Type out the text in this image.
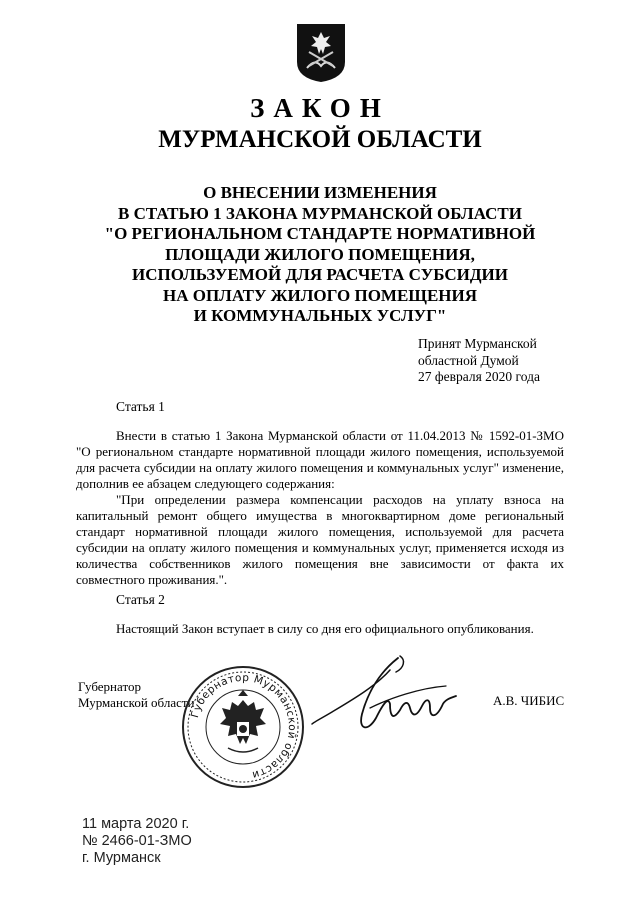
ЗАКОН
МУРМАНСКОЙ ОБЛАСТИ
О ВНЕСЕНИИ ИЗМЕНЕНИЯ
В СТАТЬЮ 1 ЗАКОНА МУРМАНСКОЙ ОБЛАСТИ
"О РЕГИОНАЛЬНОМ СТАНДАРТЕ НОРМАТИВНОЙ
ПЛОЩАДИ ЖИЛОГО ПОМЕЩЕНИЯ,
ИСПОЛЬЗУЕМОЙ ДЛЯ РАСЧЕТА СУБСИДИИ
НА ОПЛАТУ ЖИЛОГО ПОМЕЩЕНИЯ
И КОММУНАЛЬНЫХ УСЛУГ"
Принят Мурманской
областной Думой
27 февраля 2020 года
Статья 1

Внести в статью 1 Закона Мурманской области от 11.04.2013 № 1592-01-ЗМО "О региональном стандарте нормативной площади жилого помещения, используемой для расчета субсидии на оплату жилого помещения и коммунальных услуг" изменение, дополнив ее абзацем следующего содержания:

"При определении размера компенсации расходов на уплату взноса на капитальный ремонт общего имущества в многоквартирном доме региональный стандарт нормативной площади жилого помещения, используемой для расчета субсидии на оплату жилого помещения и коммунальных услуг, применяется исходя из количества собственников жилого помещения вне зависимости от факта их совместного проживания.".

Статья 2

Настоящий Закон вступает в силу со дня его официального опубликования.

Губернатор
Мурманской области
Губернатор Мурманской области
А.В. ЧИБИС
11 марта 2020 г.
№ 2466-01-ЗМО
г. Мурманск
